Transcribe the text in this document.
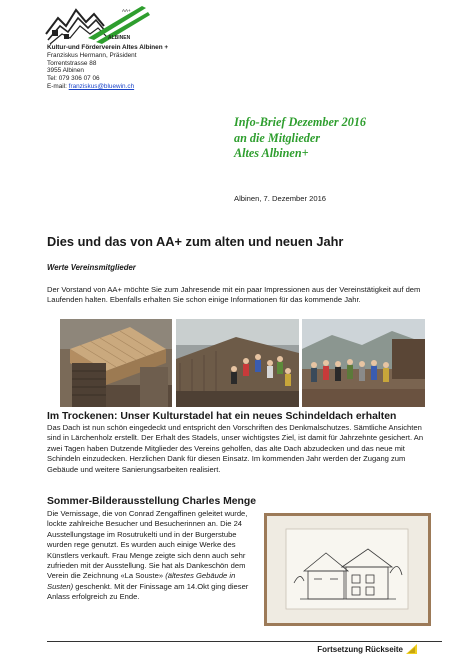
AA+
ALBINEN
Kultur-und Förderverein Altes Albinen +
Franziskus Hermann, Präsident
Torrentstrasse 88
3955 Albinen
Tel: 079 306 07 06
E-mail: franziskus@bluewin.ch
Info-Brief Dezember 2016
an die Mitglieder
Altes Albinen+
Albinen, 7. Dezember 2016
Dies und das von AA+ zum alten und neuen Jahr
Werte Vereinsmitglieder
Der Vorstand von AA+ möchte Sie zum Jahresende mit ein paar Impressionen aus der Vereinstätigkeit auf dem Laufenden halten. Ebenfalls erhalten Sie schon einige Informationen für das kommende Jahr.
Im Trockenen: Unser Kulturstadel hat ein neues Schindeldach erhalten
Das Dach ist nun schön eingedeckt und entspricht den Vorschriften des Denkmalschutzes. Sämtliche Ansichten sind in Lärchenholz erstellt. Der Erhalt des Stadels, unser wichtigstes Ziel, ist damit für Jahrzehnte gesichert. An zwei Tagen haben Dutzende Mitglieder des Vereins geholfen, das alte Dach abzudecken und das neue mit Schindeln einzudecken. Herzlichen Dank für diesen Einsatz. Im kommenden Jahr werden der Zugang zum Gebäude und weitere Sanierungsarbeiten realisiert.
Sommer-Bilderausstellung Charles Menge
Die Vernissage, die von Conrad Zengaffinen geleitet wurde, lockte zahlreiche Besucher und Besucherinnen an. Die 24 Ausstellungstage im Rosutrukelti und in der Burgerstube wurden rege genutzt. Es wurden auch einige Werke des Künstlers verkauft. Frau Menge zeigte sich denn auch sehr zufrieden mit der Ausstellung. Sie hat als Dankeschön dem Verein die Zeichnung «La Souste» (ältestes Gebäude in Susten) geschenkt. Mit der Finissage am 14.Okt ging dieser Anlass erfolgreich zu Ende.
Fortsetzung Rückseite
